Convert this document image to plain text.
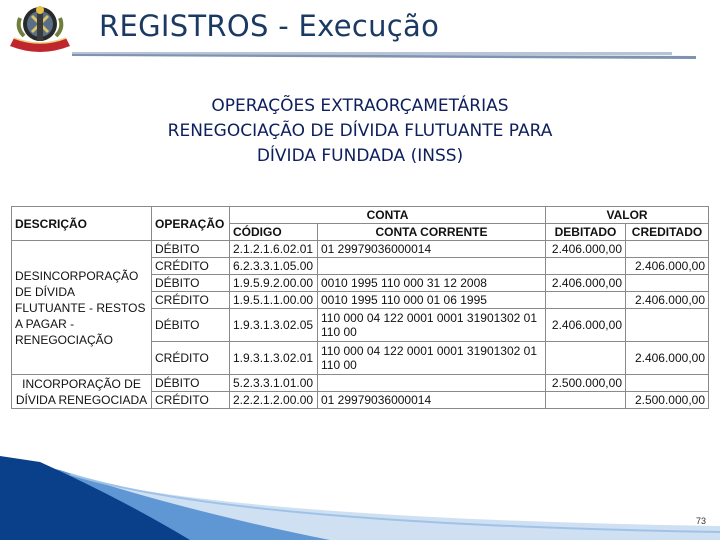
REGISTROS - Execução
OPERAÇÕES EXTRAORÇAMETÁRIAS
RENEGOCIAÇÃO DE DÍVIDA FLUTUANTE PARA
DÍVIDA FUNDADA (INSS)
DESCRIÇÃO	OPERAÇÃO	CONTA		VALOR	
		CÓDIGO	CONTA CORRENTE	DEBITADO	CREDITADO
DESINCORPORAÇÃO DE DÍVIDA FLUTUANTE - RESTOS A PAGAR - RENEGOCIAÇÃO	DÉBITO	2.1.2.1.6.02.01	01 29979036000014	2.406.000,00	
	CRÉDITO	6.2.3.3.1.05.00			2.406.000,00
	DÉBITO	1.9.5.9.2.00.00	0010 1995 110 000 31 12 2008	2.406.000,00	
	CRÉDITO	1.9.5.1.1.00.00	0010 1995 110 000 01 06 1995		2.406.000,00
	DÉBITO	1.9.3.1.3.02.05	110 000 04 122 0001 0001 31901302 01 110 00	2.406.000,00	
	CRÉDITO	1.9.3.1.3.02.01	110 000 04 122 0001 0001 31901302 01 110 00		2.406.000,00
INCORPORAÇÃO DE DÍVIDA RENEGOCIADA	DÉBITO	5.2.3.3.1.01.00		2.500.000,00	
	CRÉDITO	2.2.2.1.2.00.00	01 29979036000014		2.500.000,00
73
